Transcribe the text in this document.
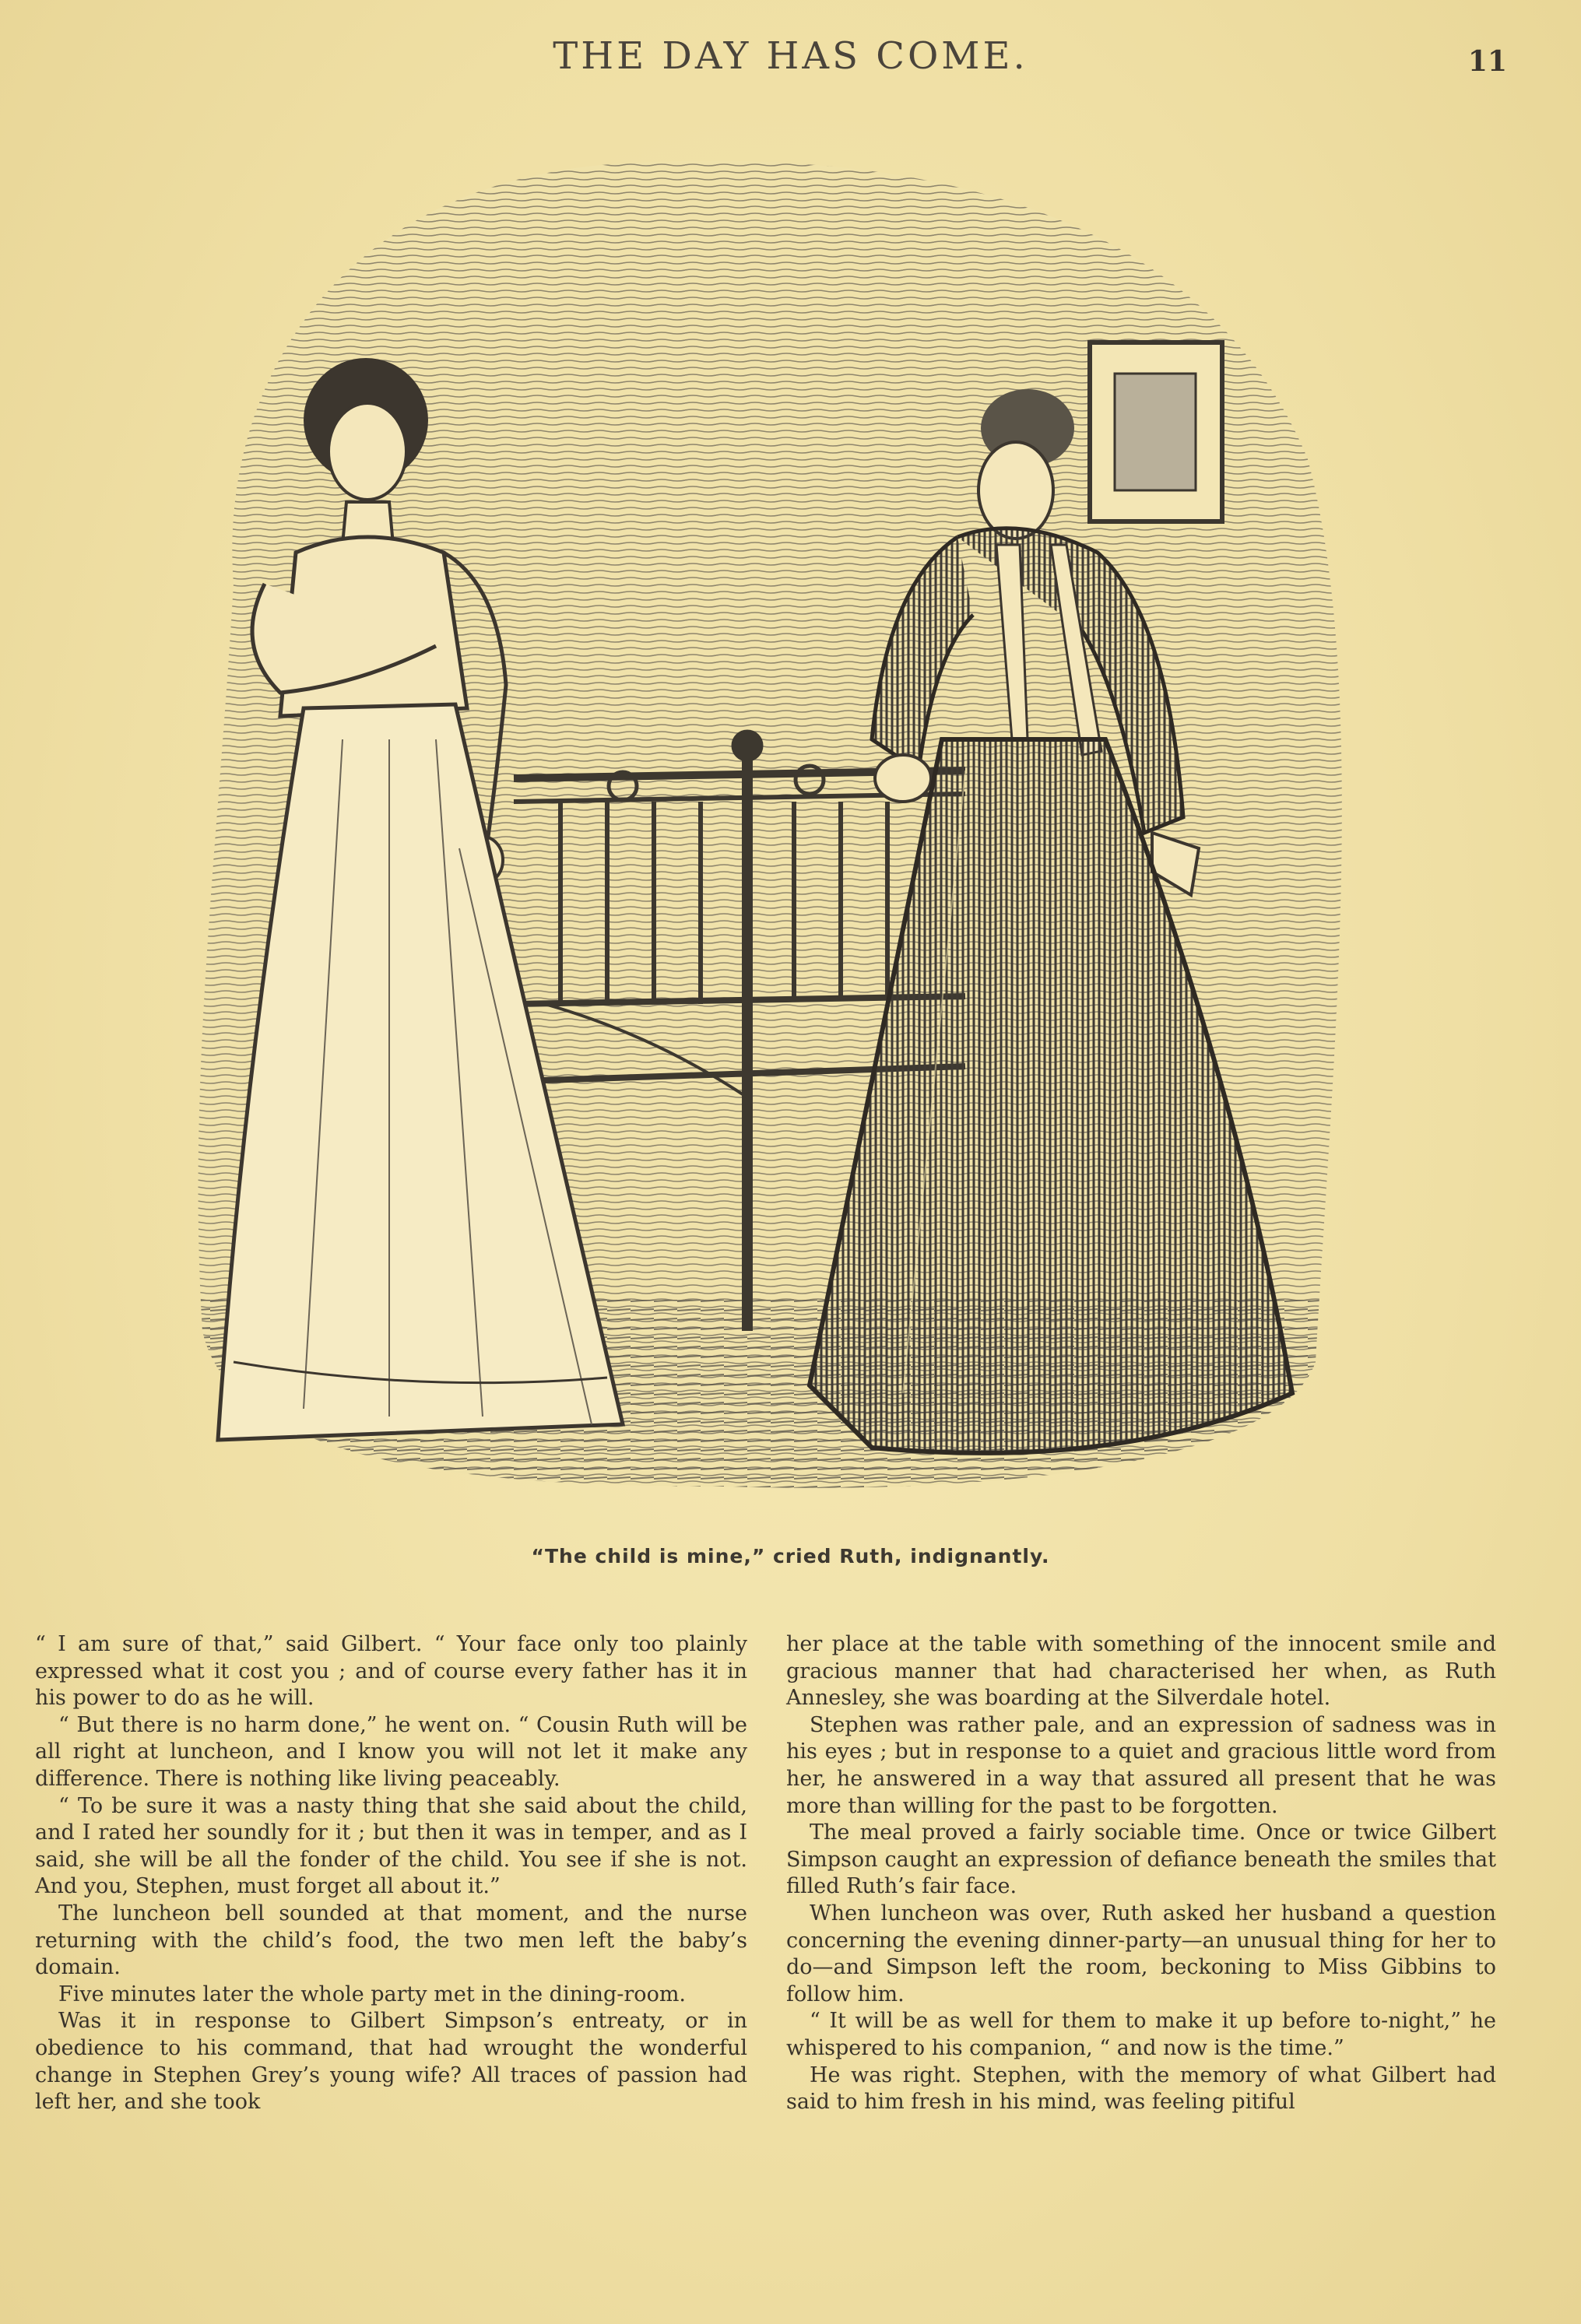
THE DAY HAS COME.	11
“The child is mine,” cried Ruth, indignantly.

“ I am sure of that,” said Gilbert. “ Your face only too plainly expressed what it cost you ; and of course every father has it in his power to do as he will.

“ But there is no harm done,” he went on. “ Cousin Ruth will be all right at luncheon, and I know you will not let it make any difference. There is nothing like living peaceably.

“ To be sure it was a nasty thing that she said about the child, and I rated her soundly for it ; but then it was in temper, and as I said, she will be all the fonder of the child. You see if she is not. And you, Stephen, must forget all about it.”

The luncheon bell sounded at that moment, and the nurse returning with the child’s food, the two men left the baby’s domain.

Five minutes later the whole party met in the dining-room.

Was it in response to Gilbert Simpson’s entreaty, or in obedience to his command, that had wrought the wonderful change in Stephen Grey’s young wife? All traces of passion had left her, and she took

her place at the table with something of the innocent smile and gracious manner that had characterised her when, as Ruth Annesley, she was boarding at the Silverdale hotel.

Stephen was rather pale, and an expression of sadness was in his eyes ; but in response to a quiet and gracious little word from her, he answered in a way that assured all present that he was more than willing for the past to be forgotten.

The meal proved a fairly sociable time. Once or twice Gilbert Simpson caught an expression of defiance beneath the smiles that filled Ruth’s fair face.

When luncheon was over, Ruth asked her husband a question concerning the evening dinner-party—an unusual thing for her to do—and Simpson left the room, beckoning to Miss Gibbins to follow him.

“ It will be as well for them to make it up before to-night,” he whispered to his companion, “ and now is the time.”

He was right. Stephen, with the memory of what Gilbert had said to him fresh in his mind, was feeling pitiful
